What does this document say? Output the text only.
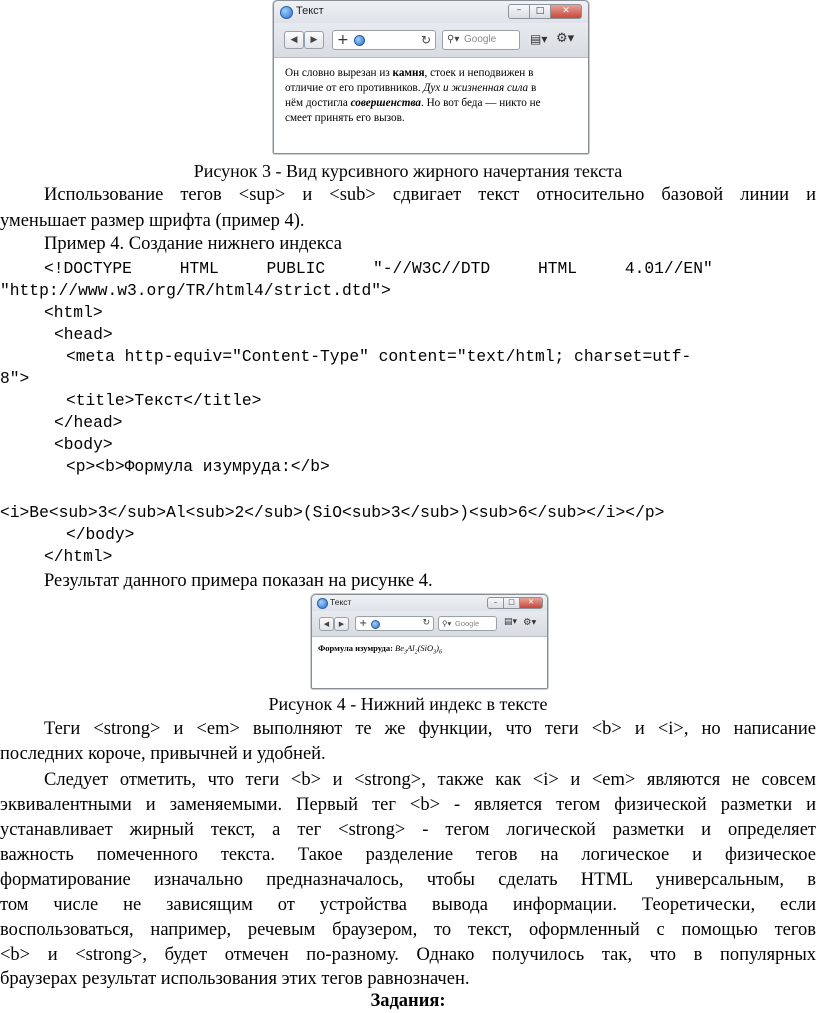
Текст	–	□	✕
◀	▶	+	↻ ⚲▾ Google	▤▾ ⚙▾
Он словно вырезан из камня, стоек и неподвижен в
отличие от его противников. Дух и жизненная сила в
нём достигла совершенства. Но вот беда — никто не
смеет принять его вызов.
Рисунок 3 - Вид курсивного жирного начертания текста
Использование тегов <sup> и <sub> сдвигает текст относительно базовой линии и
уменьшает размер шрифта (пример 4).
Пример 4. Создание нижнего индекса
<!DOCTYPE HTML PUBLIC "-//W3C//DTD HTML 4.01//EN"
"http://www.w3.org/TR/html4/strict.dtd">
<html>
<head>
<meta http-equiv="Content-Type" content="text/html; charset=utf-
8">
<title>Текст</title>
</head>
<body>
<p><b>Формула изумруда:</b>
<i>Be<sub>3</sub>Al<sub>2</sub>(SiO<sub>3</sub>)<sub>6</sub></i></p>
</body>
</html>
Результат данного примера показан на рисунке 4.
Текст	–	□	✕
◀	▶	+	↻ ⚲▾ Google	▤▾ ⚙▾
Формула изумруда: $Be_3Al_2(SiO_3)_6$
Рисунок 4 - Нижний индекс в тексте
Теги <strong> и <em> выполняют те же функции, что теги <b> и <i>, но написание
последних короче, привычней и удобней.
Следует отметить, что теги <b> и <strong>, также как <i> и <em> являются не совсем
эквивалентными и заменяемыми. Первый тег <b> - является тегом физической разметки и
устанавливает жирный текст, а тег <strong> - тегом логической разметки и определяет
важность помеченного текста. Такое разделение тегов на логическое и физическое
форматирование изначально предназначалось, чтобы сделать HTML универсальным, в
том числе не зависящим от устройства вывода информации. Теоретически, если
воспользоваться, например, речевым браузером, то текст, оформленный с помощью тегов
<b> и <strong>, будет отмечен по-разному. Однако получилось так, что в популярных
браузерах результат использования этих тегов равнозначен.
Задания:
